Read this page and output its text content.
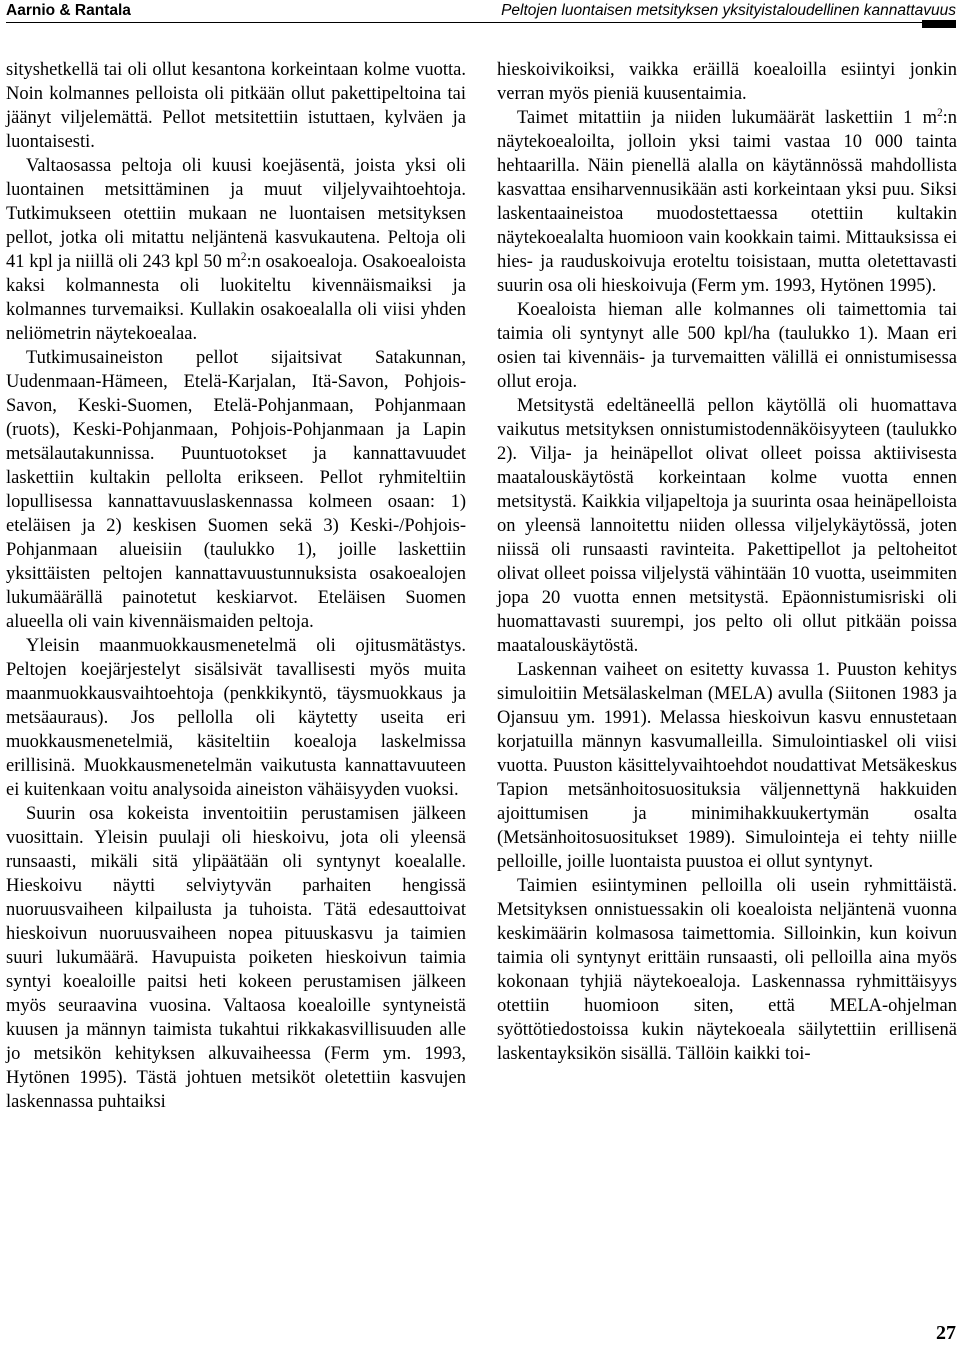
Aarnio & Rantala	Peltojen luontaisen metsityksen yksityistaloudellinen kannattavuus

sityshetkellä tai oli ollut kesantona korkeintaan kolme vuotta. Noin kolmannes pelloista oli pitkään ollut pakettipeltoina tai jäänyt viljelemättä. Pellot metsitettiin istuttaen, kylväen ja luontaisesti.

Valtaosassa peltoja oli kuusi koejäsentä, joista yksi oli luontainen metsittäminen ja muut viljelyvaihtoehtoja. Tutkimukseen otettiin mukaan ne luontaisen metsityksen pellot, jotka oli mitattu neljäntenä kasvukautena. Peltoja oli 41 kpl ja niillä oli 243 kpl 50 $m^2:n$ osakoealoja. Osakoealoista kaksi kolmannesta oli luokiteltu kivennäismaiksi ja kolmannes turvemaiksi. Kullakin osakoealalla oli viisi yhden neliömetrin näytekoealaa.

Tutkimusaineiston pellot sijaitsivat Satakunnan, Uudenmaan-Hämeen, Etelä-Karjalan, Itä-Savon, Pohjois-Savon, Keski-Suomen, Etelä-Pohjanmaan, Pohjanmaan (ruots), Keski-Pohjanmaan, Pohjois-Pohjanmaan ja Lapin metsälautakunnissa. Puuntuotokset ja kannattavuudet laskettiin kultakin pellolta erikseen. Pellot ryhmiteltiin lopullisessa kannattavuuslaskennassa kolmeen osaan: 1) eteläisen ja 2) keskisen Suomen sekä 3) Keski-/Pohjois-Pohjanmaan alueisiin (taulukko 1), joille laskettiin yksittäisten peltojen kannattavuustunnuksista osakoealojen lukumäärällä painotetut keskiarvot. Eteläisen Suomen alueella oli vain kivennäismaiden peltoja.

Yleisin maanmuokkausmenetelmä oli ojitusmätästys. Peltojen koejärjestelyt sisälsivät tavallisesti myös muita maanmuokkausvaihtoehtoja (penkkikyntö, täysmuokkaus ja metsäauraus). Jos pellolla oli käytetty useita eri muokkausmenetelmiä, käsiteltiin koealoja laskelmissa erillisinä. Muokkausmenetelmän vaikutusta kannattavuuteen ei kuitenkaan voitu analysoida aineiston vähäisyyden vuoksi.

Suurin osa kokeista inventoitiin perustamisen jälkeen vuosittain. Yleisin puulaji oli hieskoivu, jota oli yleensä runsaasti, mikäli sitä ylipäätään oli syntynyt koealalle. Hieskoivu näytti selviytyvän parhaiten hengissä nuoruusvaiheen kilpailusta ja tuhoista. Tätä edesauttoivat hieskoivun nuoruusvaiheen nopea pituuskasvu ja taimien suuri lukumäärä. Havupuista poiketen hieskoivun taimia syntyi koealoille paitsi heti kokeen perustamisen jälkeen myös seuraavina vuosina. Valtaosa koealoille syntyneistä kuusen ja männyn taimista tukahtui rikkakasvillisuuden alle jo metsikön kehityksen alkuvaiheessa (Ferm ym. 1993, Hytönen 1995). Tästä johtuen metsiköt oletettiin kasvujen laskennassa puhtaiksi

hieskoivikoiksi, vaikka eräillä koealoilla esiintyi jonkin verran myös pieniä kuusentaimia.

Taimet mitattiin ja niiden lukumäärät laskettiin 1 $m^2:n$ näytekoealoilta, jolloin yksi taimi vastaa 10 000 tainta hehtaarilla. Näin pienellä alalla on käytännössä mahdollista kasvattaa ensiharvennusikään asti korkeintaan yksi puu. Siksi laskentaaineistoa muodostettaessa otettiin kultakin näytekoealalta huomioon vain kookkain taimi. Mittauksissa ei hies- ja rauduskoivuja eroteltu toisistaan, mutta oletettavasti suurin osa oli hieskoivuja (Ferm ym. 1993, Hytönen 1995).

Koealoista hieman alle kolmannes oli taimettomia tai taimia oli syntynyt alle 500 kpl/ha (taulukko 1). Maan eri osien tai kivennäis- ja turvemaitten välillä ei onnistumisessa ollut eroja.

Metsitystä edeltäneellä pellon käytöllä oli huomattava vaikutus metsityksen onnistumistodennäköisyyteen (taulukko 2). Vilja- ja heinäpellot olivat olleet poissa aktiivisesta maatalouskäytöstä korkeintaan kolme vuotta ennen metsitystä. Kaikkia viljapeltoja ja suurinta osaa heinäpelloista on yleensä lannoitettu niiden ollessa viljelykäytössä, joten niissä oli runsaasti ravinteita. Pakettipellot ja peltoheitot olivat olleet poissa viljelystä vähintään 10 vuotta, useimmiten jopa 20 vuotta ennen metsitystä. Epäonnistumisriski oli huomattavasti suurempi, jos pelto oli ollut pitkään poissa maatalouskäytöstä.

Laskennan vaiheet on esitetty kuvassa 1. Puuston kehitys simuloitiin Metsälaskelman (MELA) avulla (Siitonen 1983 ja Ojansuu ym. 1991). Melassa hieskoivun kasvu ennustetaan korjatuilla männyn kasvumalleilla. Simulointiaskel oli viisi vuotta. Puuston käsittelyvaihtoehdot noudattivat Metsäkeskus Tapion metsänhoitosuosituksia väljennettynä hakkuiden ajoittumisen ja minimihakkuukertymän osalta (Metsänhoitosuositukset 1989). Simulointeja ei tehty niille pelloille, joille luontaista puustoa ei ollut syntynyt.

Taimien esiintyminen pelloilla oli usein ryhmittäistä. Metsityksen onnistuessakin oli koealoista neljäntenä vuonna keskimäärin kolmasosa taimettomia. Silloinkin, kun koivun taimia oli syntynyt erittäin runsaasti, oli pelloilla aina myös kokonaan tyhjiä näytekoealoja. Laskennassa ryhmittäisyys otettiin huomioon siten, että MELA-ohjelman syöttötiedostoissa kukin näytekoeala säilytettiin erillisenä laskentayksikön sisällä. Tällöin kaikki toi-

27
